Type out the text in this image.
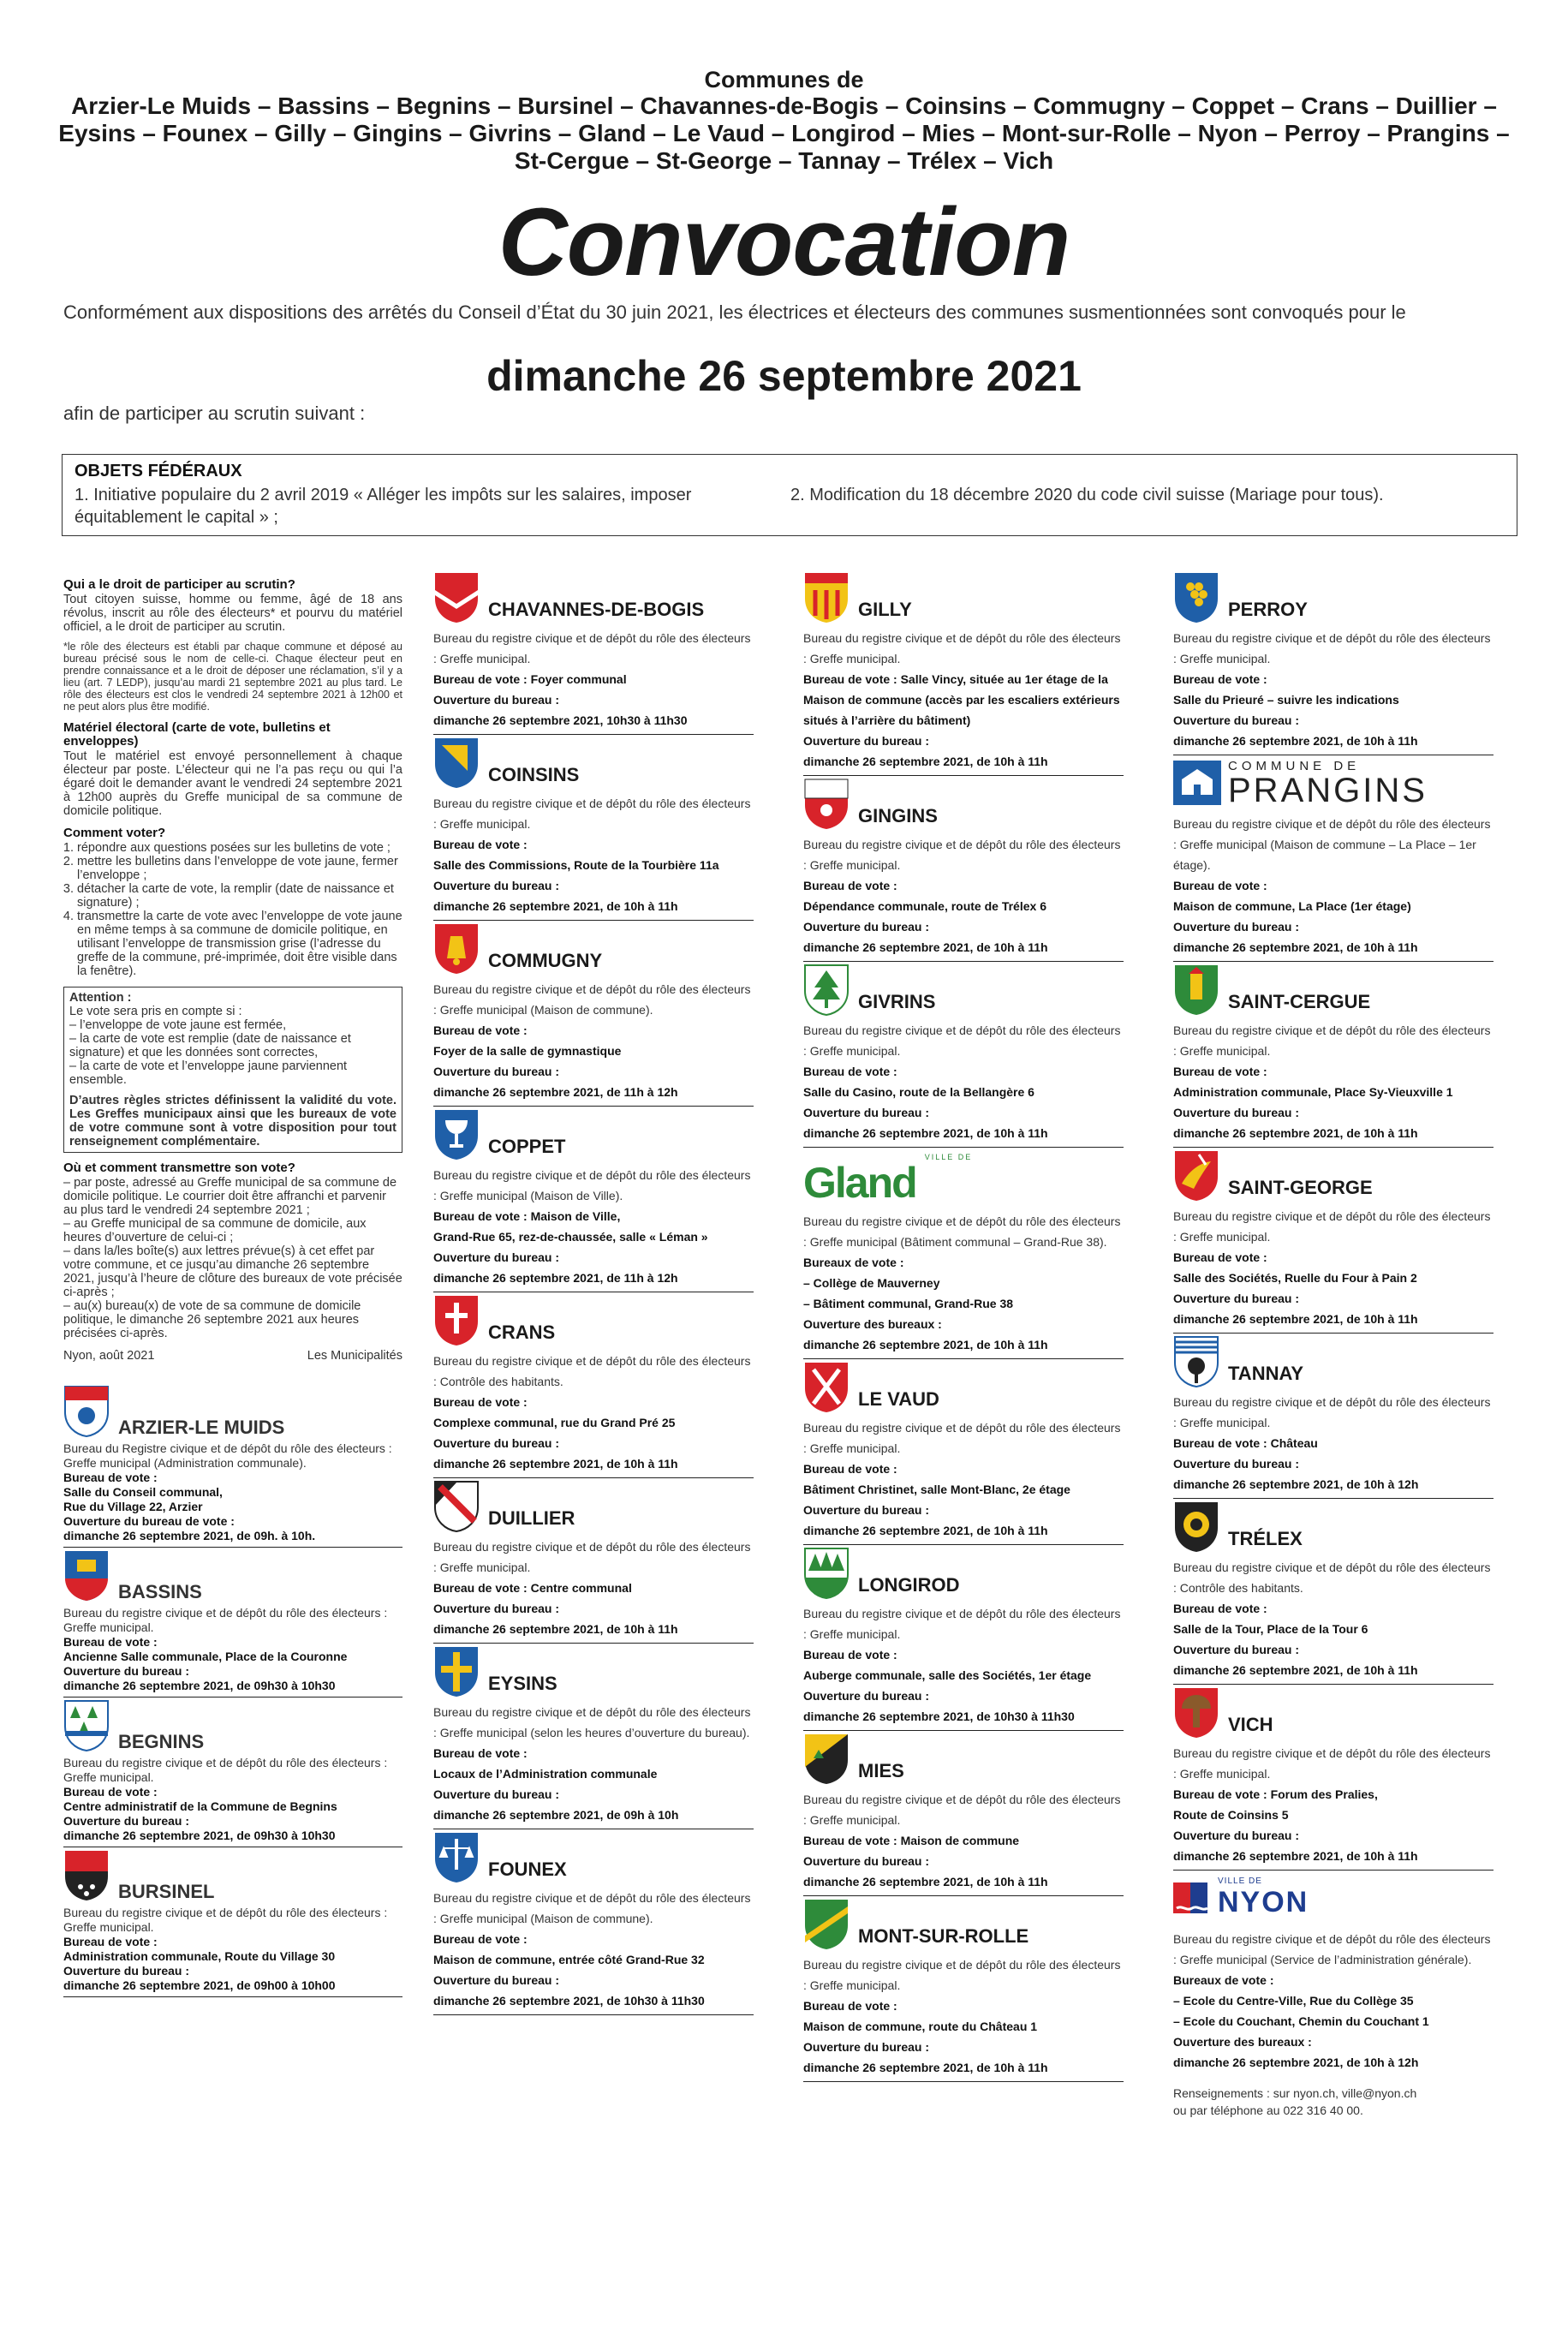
Communes de
Arzier-Le Muids – Bassins – Begnins – Bursinel – Chavannes-de-Bogis – Coinsins – Commugny – Coppet – Crans – Duillier – Eysins – Founex – Gilly – Gingins – Givrins – Gland – Le Vaud – Longirod – Mies – Mont-sur-Rolle – Nyon – Perroy – Prangins – St-Cergue – St-George – Tannay – Trélex – Vich
Convocation
Conformément aux dispositions des arrêtés du Conseil d’État du 30 juin 2021, les électrices et électeurs des communes susmentionnées sont convoqués pour le
dimanche 26 septembre 2021
afin de participer au scrutin suivant :
OBJETS FÉDÉRAUX
1. Initiative populaire du 2 avril 2019 « Alléger les impôts sur les salaires, imposer équitablement le capital » ;
2. Modification du 18 décembre 2020 du code civil suisse (Mariage pour tous).
Qui a le droit de participer au scrutin?

Tout citoyen suisse, homme ou femme, âgé de 18 ans révolus, inscrit au rôle des électeurs* et pourvu du matériel officiel, a le droit de participer au scrutin.

*le rôle des électeurs est établi par chaque commune et déposé au bureau précisé sous le nom de celle-ci. Chaque électeur peut en prendre connaissance et a le droit de déposer une réclamation, s’il y a lieu (art. 7 LEDP), jusqu’au mardi 21 septembre 2021 au plus tard. Le rôle des électeurs est clos le vendredi 24 septembre 2021 à 12h00 et ne peut alors plus être modifié.

Matériel électoral (carte de vote, bulletins et enveloppes)

Tout le matériel est envoyé personnellement à chaque électeur par poste. L’électeur qui ne l’a pas reçu ou qui l’a égaré doit le demander avant le vendredi 24 septembre 2021 à 12h00 auprès du Greffe municipal de sa commune de domicile politique.

Comment voter?
1. répondre aux questions posées sur les bulletins de vote ;
2. mettre les bulletins dans l’enveloppe de vote jaune, fermer l’enveloppe ;
3. détacher la carte de vote, la remplir (date de naissance et signature) ;
4. transmettre la carte de vote avec l’enveloppe de vote jaune en même temps à sa commune de domicile politique, en utilisant l’enveloppe de transmission grise (l’adresse du greffe de la commune, pré-imprimée, doit être visible dans la fenêtre).
Attention :
Le vote sera pris en compte si :
– l’enveloppe de vote jaune est fermée,
– la carte de vote est remplie (date de naissance et signature) et que les données sont correctes,
– la carte de vote et l’enveloppe jaune parviennent ensemble.

D’autres règles strictes définissent la validité du vote. Les Greffes municipaux ainsi que les bureaux de vote de votre commune sont à votre disposition pour tout renseignement complémentaire.

Où et comment transmettre son vote?
– par poste, adressé au Greffe municipal de sa commune de domicile politique. Le courrier doit être affranchi et parvenir au plus tard le vendredi 24 septembre 2021 ;
– au Greffe municipal de sa commune de domicile, aux heures d’ouverture de celui-ci ;
– dans la/les boîte(s) aux lettres prévue(s) à cet effet par votre commune, et ce jusqu’au dimanche 26 septembre 2021, jusqu’à l’heure de clôture des bureaux de vote précisée ci-après ;
– au(x) bureau(x) de vote de sa commune de domicile politique, le dimanche 26 septembre 2021 aux heures précisées ci-après.
Nyon, août 2021	Les Municipalités
ARZIER-LE MUIDS
Bureau du Registre civique et de dépôt du rôle des électeurs : Greffe municipal (Administration communale).
Bureau de vote :
Salle du Conseil communal,
Rue du Village 22, Arzier
Ouverture du bureau de vote :
dimanche 26 septembre 2021, de 09h. à 10h.
BASSINS
Bureau du registre civique et de dépôt du rôle des électeurs : Greffe municipal.
Bureau de vote :
Ancienne Salle communale, Place de la Couronne
Ouverture du bureau :
dimanche 26 septembre 2021, de 09h30 à 10h30
BEGNINS
Bureau du registre civique et de dépôt du rôle des électeurs : Greffe municipal.
Bureau de vote :
Centre administratif de la Commune de Begnins
Ouverture du bureau :
dimanche 26 septembre 2021, de 09h30 à 10h30
BURSINEL
Bureau du registre civique et de dépôt du rôle des électeurs : Greffe municipal.
Bureau de vote :
Administration communale, Route du Village 30
Ouverture du bureau :
dimanche 26 septembre 2021, de 09h00 à 10h00
CHAVANNES-DE-BOGIS
Bureau du registre civique et de dépôt du rôle des électeurs : Greffe municipal.
Bureau de vote : Foyer communal
Ouverture du bureau :
dimanche 26 septembre 2021, 10h30 à 11h30
COINSINS
Bureau du registre civique et de dépôt du rôle des électeurs : Greffe municipal.
Bureau de vote :
Salle des Commissions, Route de la Tourbière 11a
Ouverture du bureau :
dimanche 26 septembre 2021, de 10h à 11h
COMMUGNY
Bureau du registre civique et de dépôt du rôle des électeurs : Greffe municipal (Maison de commune).
Bureau de vote :
Foyer de la salle de gymnastique
Ouverture du bureau :
dimanche 26 septembre 2021, de 11h à 12h
COPPET
Bureau du registre civique et de dépôt du rôle des électeurs : Greffe municipal (Maison de Ville).
Bureau de vote : Maison de Ville,
Grand-Rue 65, rez-de-chaussée, salle « Léman »
Ouverture du bureau :
dimanche 26 septembre 2021, de 11h à 12h
CRANS
Bureau du registre civique et de dépôt du rôle des électeurs : Contrôle des habitants.
Bureau de vote :
Complexe communal, rue du Grand Pré 25
Ouverture du bureau :
dimanche 26 septembre 2021, de 10h à 11h
DUILLIER
Bureau du registre civique et de dépôt du rôle des électeurs : Greffe municipal.
Bureau de vote : Centre communal
Ouverture du bureau :
dimanche 26 septembre 2021, de 10h à 11h
EYSINS
Bureau du registre civique et de dépôt du rôle des électeurs : Greffe municipal (selon les heures d’ouverture du bureau).
Bureau de vote :
Locaux de l’Administration communale
Ouverture du bureau :
dimanche 26 septembre 2021, de 09h à 10h
FOUNEX
Bureau du registre civique et de dépôt du rôle des électeurs : Greffe municipal (Maison de commune).
Bureau de vote :
Maison de commune, entrée côté Grand-Rue 32
Ouverture du bureau :
dimanche 26 septembre 2021, de 10h30 à 11h30
GILLY
Bureau du registre civique et de dépôt du rôle des électeurs : Greffe municipal.
Bureau de vote : Salle Vincy, située au 1er étage de la Maison de commune (accès par les escaliers extérieurs situés à l’arrière du bâtiment)
Ouverture du bureau :
dimanche 26 septembre 2021, de 10h à 11h
GINGINS
Bureau du registre civique et de dépôt du rôle des électeurs : Greffe municipal.
Bureau de vote :
Dépendance communale, route de Trélex 6
Ouverture du bureau :
dimanche 26 septembre 2021, de 10h à 11h
GIVRINS
Bureau du registre civique et de dépôt du rôle des électeurs : Greffe municipal.
Bureau de vote :
Salle du Casino, route de la Bellangère 6
Ouverture du bureau :
dimanche 26 septembre 2021, de 10h à 11h
Gland
VILLE DE
Bureau du registre civique et de dépôt du rôle des électeurs : Greffe municipal (Bâtiment communal – Grand-Rue 38).
Bureaux de vote :
– Collège de Mauverney
– Bâtiment communal, Grand-Rue 38
Ouverture des bureaux :
dimanche 26 septembre 2021, de 10h à 11h
LE VAUD
Bureau du registre civique et de dépôt du rôle des électeurs : Greffe municipal.
Bureau de vote :
Bâtiment Christinet, salle Mont-Blanc, 2e étage
Ouverture du bureau :
dimanche 26 septembre 2021, de 10h à 11h
LONGIROD
Bureau du registre civique et de dépôt du rôle des électeurs : Greffe municipal.
Bureau de vote :
Auberge communale, salle des Sociétés, 1er étage
Ouverture du bureau :
dimanche 26 septembre 2021, de 10h30 à 11h30
MIES
Bureau du registre civique et de dépôt du rôle des électeurs : Greffe municipal.
Bureau de vote : Maison de commune
Ouverture du bureau :
dimanche 26 septembre 2021, de 10h à 11h
MONT-SUR-ROLLE
Bureau du registre civique et de dépôt du rôle des électeurs : Greffe municipal.
Bureau de vote :
Maison de commune, route du Château 1
Ouverture du bureau :
dimanche 26 septembre 2021, de 10h à 11h
PERROY
Bureau du registre civique et de dépôt du rôle des électeurs : Greffe municipal.
Bureau de vote :
Salle du Prieuré – suivre les indications
Ouverture du bureau :
dimanche 26 septembre 2021, de 10h à 11h
COMMUNE DE
PRANGINS
Bureau du registre civique et de dépôt du rôle des électeurs : Greffe municipal (Maison de commune – La Place – 1er étage).
Bureau de vote :
Maison de commune, La Place (1er étage)
Ouverture du bureau :
dimanche 26 septembre 2021, de 10h à 11h
SAINT-CERGUE
Bureau du registre civique et de dépôt du rôle des électeurs : Greffe municipal.
Bureau de vote :
Administration communale, Place Sy-Vieuxville 1
Ouverture du bureau :
dimanche 26 septembre 2021, de 10h à 11h
SAINT-GEORGE
Bureau du registre civique et de dépôt du rôle des électeurs : Greffe municipal.
Bureau de vote :
Salle des Sociétés, Ruelle du Four à Pain 2
Ouverture du bureau :
dimanche 26 septembre 2021, de 10h à 11h
TANNAY
Bureau du registre civique et de dépôt du rôle des électeurs : Greffe municipal.
Bureau de vote : Château
Ouverture du bureau :
dimanche 26 septembre 2021, de 10h à 12h
TRÉLEX
Bureau du registre civique et de dépôt du rôle des électeurs : Contrôle des habitants.
Bureau de vote :
Salle de la Tour, Place de la Tour 6
Ouverture du bureau :
dimanche 26 septembre 2021, de 10h à 11h
VICH
Bureau du registre civique et de dépôt du rôle des électeurs : Greffe municipal.
Bureau de vote : Forum des Pralies,
Route de Coinsins 5
Ouverture du bureau :
dimanche 26 septembre 2021, de 10h à 11h
VILLE DE
NYON
Bureau du registre civique et de dépôt du rôle des électeurs : Greffe municipal (Service de l’administration générale).
Bureaux de vote :
– Ecole du Centre-Ville, Rue du Collège 35
– Ecole du Couchant, Chemin du Couchant 1
Ouverture des bureaux :
dimanche 26 septembre 2021, de 10h à 12h
Renseignements : sur nyon.ch, ville@nyon.ch
ou par téléphone au 022 316 40 00.
